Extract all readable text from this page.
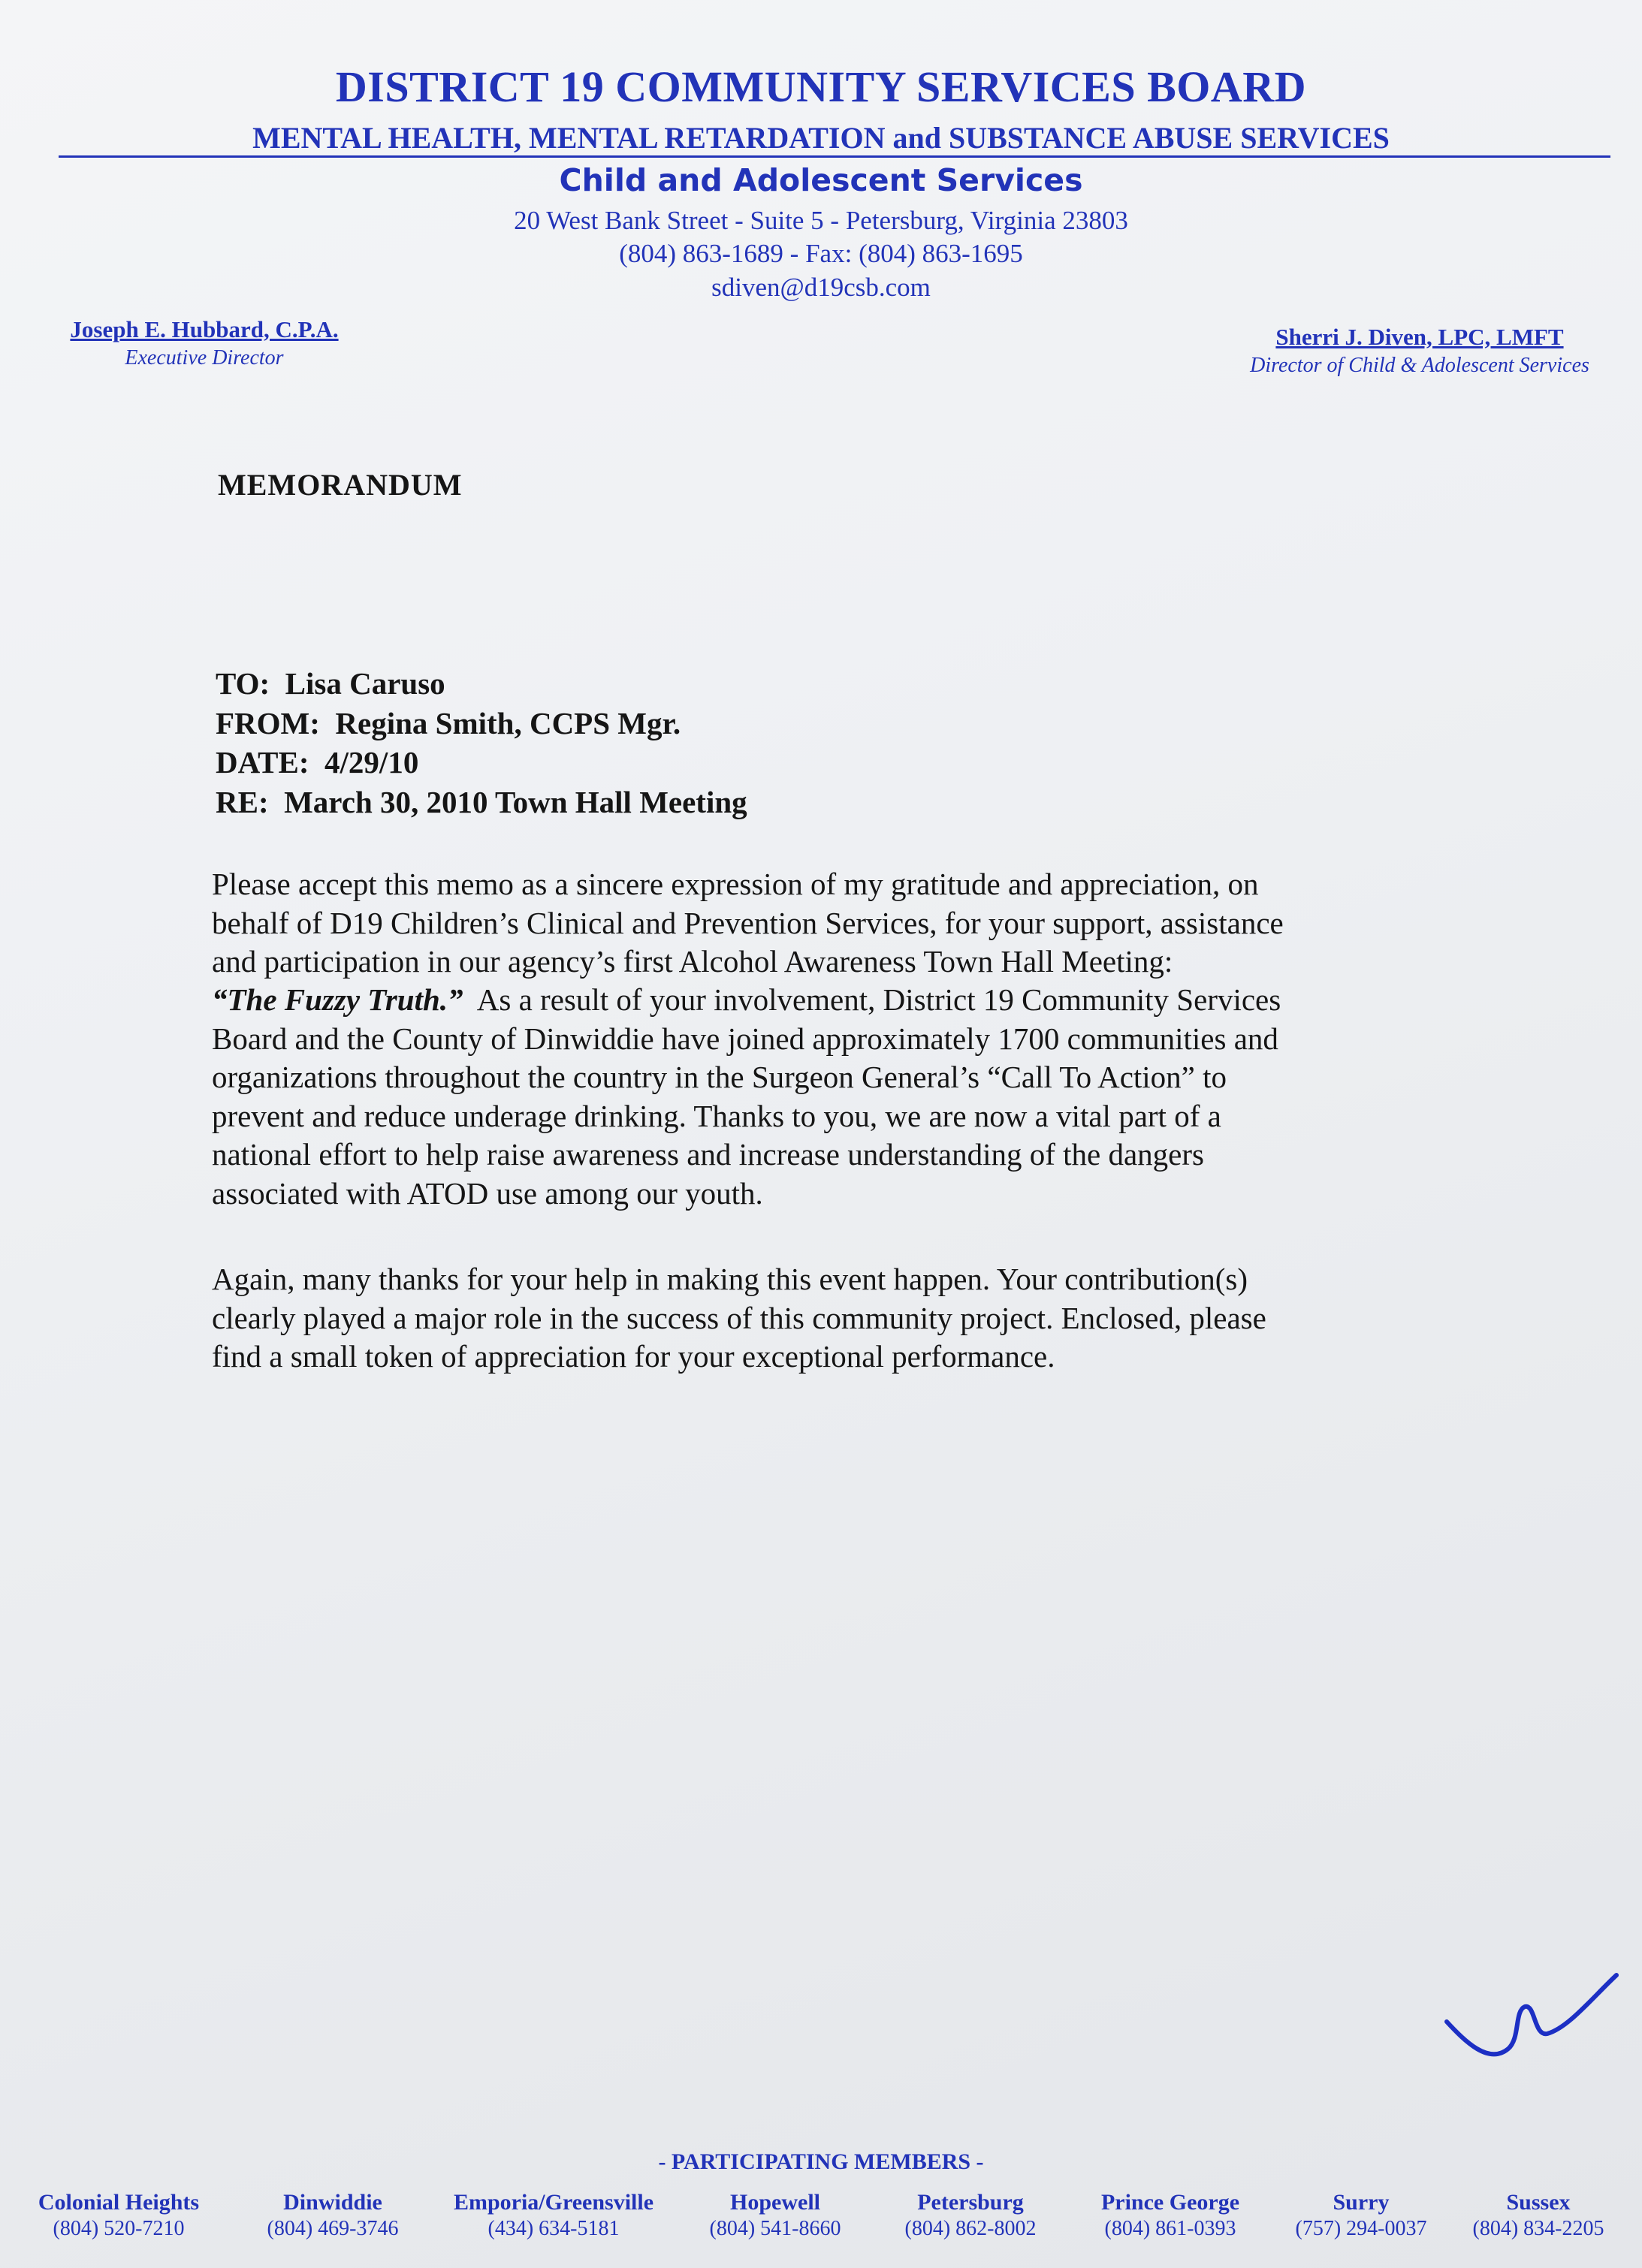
DISTRICT 19 COMMUNITY SERVICES BOARD
MENTAL HEALTH, MENTAL RETARDATION and SUBSTANCE ABUSE SERVICES
Child and Adolescent Services
20 West Bank Street - Suite 5 - Petersburg, Virginia 23803
(804) 863-1689 - Fax: (804) 863-1695
sdiven@d19csb.com
Joseph E. Hubbard, C.P.A.
Executive Director
Sherri J. Diven, LPC, LMFT
Director of Child & Adolescent Services
MEMORANDUM
TO: Lisa Caruso
FROM: Regina Smith, CCPS Mgr.
DATE: 4/29/10
RE: March 30, 2010 Town Hall Meeting
Please accept this memo as a sincere expression of my gratitude and appreciation, on
behalf of D19 Children’s Clinical and Prevention Services, for your support, assistance
and participation in our agency’s first Alcohol Awareness Town Hall Meeting:
“The Fuzzy Truth.” As a result of your involvement, District 19 Community Services
Board and the County of Dinwiddie have joined approximately 1700 communities and
organizations throughout the country in the Surgeon General’s “Call To Action” to
prevent and reduce underage drinking. Thanks to you, we are now a vital part of a
national effort to help raise awareness and increase understanding of the dangers
associated with ATOD use among our youth.
Again, many thanks for your help in making this event happen. Your contribution(s)
clearly played a major role in the success of this community project. Enclosed, please
find a small token of appreciation for your exceptional performance.
- PARTICIPATING MEMBERS -
Colonial Heights
(804) 520-7210
Dinwiddie
(804) 469-3746
Emporia/Greensville
(434) 634-5181
Hopewell
(804) 541-8660
Petersburg
(804) 862-8002
Prince George
(804) 861-0393
Surry
(757) 294-0037
Sussex
(804) 834-2205
